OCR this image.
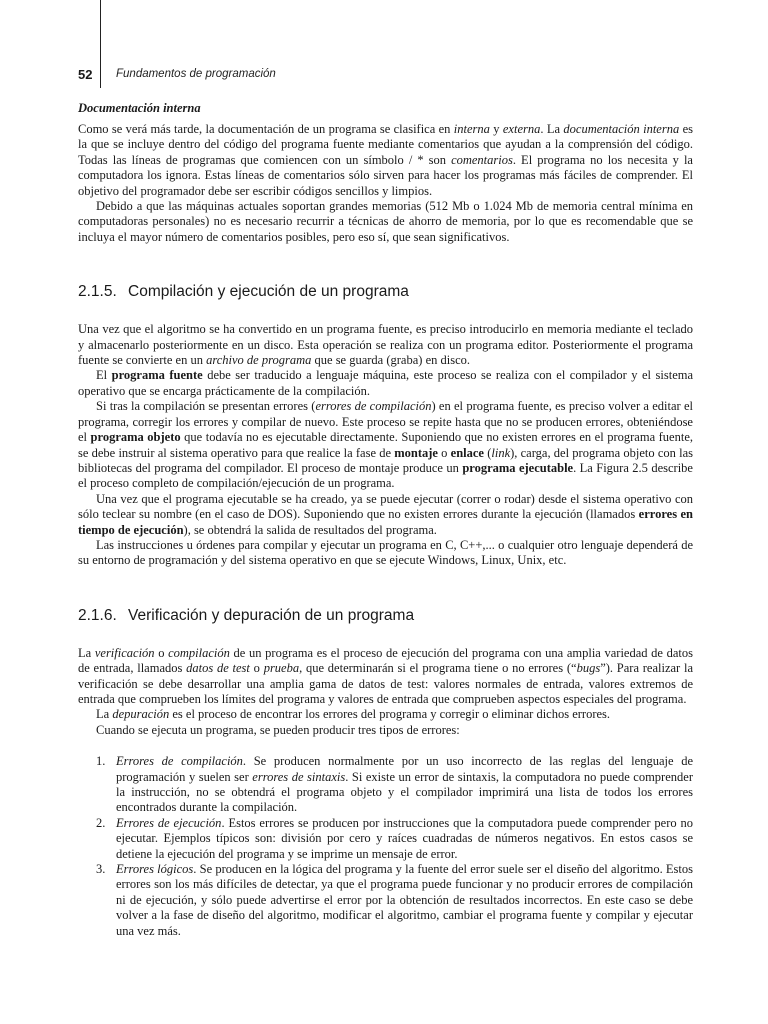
52 Fundamentos de programación
Documentación interna

Como se verá más tarde, la documentación de un programa se clasifica en interna y externa. La documentación interna es la que se incluye dentro del código del programa fuente mediante comentarios que ayudan a la comprensión del código. Todas las líneas de programas que comiencen con un símbolo / * son comentarios. El programa no los necesita y la computadora los ignora. Estas líneas de comentarios sólo sirven para hacer los programas más fáciles de comprender. El objetivo del programador debe ser escribir códigos sencillos y limpios.

Debido a que las máquinas actuales soportan grandes memorias (512 Mb o 1.024 Mb de memoria central mínima en computadoras personales) no es necesario recurrir a técnicas de ahorro de memoria, por lo que es recomendable que se incluya el mayor número de comentarios posibles, pero eso sí, que sean significativos.

2.1.5. Compilación y ejecución de un programa

Una vez que el algoritmo se ha convertido en un programa fuente, es preciso introducirlo en memoria mediante el teclado y almacenarlo posteriormente en un disco. Esta operación se realiza con un programa editor. Posteriormente el programa fuente se convierte en un archivo de programa que se guarda (graba) en disco.

El programa fuente debe ser traducido a lenguaje máquina, este proceso se realiza con el compilador y el sistema operativo que se encarga prácticamente de la compilación.

Si tras la compilación se presentan errores (errores de compilación) en el programa fuente, es preciso volver a editar el programa, corregir los errores y compilar de nuevo. Este proceso se repite hasta que no se producen errores, obteniéndose el programa objeto que todavía no es ejecutable directamente. Suponiendo que no existen errores en el programa fuente, se debe instruir al sistema operativo para que realice la fase de montaje o enlace (link), carga, del programa objeto con las bibliotecas del programa del compilador. El proceso de montaje produce un programa ejecutable. La Figura 2.5 describe el proceso completo de compilación/ejecución de un programa.

Una vez que el programa ejecutable se ha creado, ya se puede ejecutar (correr o rodar) desde el sistema operativo con sólo teclear su nombre (en el caso de DOS). Suponiendo que no existen errores durante la ejecución (llamados errores en tiempo de ejecución), se obtendrá la salida de resultados del programa.

Las instrucciones u órdenes para compilar y ejecutar un programa en C, C++,... o cualquier otro lenguaje dependerá de su entorno de programación y del sistema operativo en que se ejecute Windows, Linux, Unix, etc.

2.1.6. Verificación y depuración de un programa

La verificación o compilación de un programa es el proceso de ejecución del programa con una amplia variedad de datos de entrada, llamados datos de test o prueba, que determinarán si el programa tiene o no errores (“bugs”). Para realizar la verificación se debe desarrollar una amplia gama de datos de test: valores normales de entrada, valores extremos de entrada que comprueben los límites del programa y valores de entrada que comprueben aspectos especiales del programa.

La depuración es el proceso de encontrar los errores del programa y corregir o eliminar dichos errores.

Cuando se ejecuta un programa, se pueden producir tres tipos de errores:

1. Errores de compilación. Se producen normalmente por un uso incorrecto de las reglas del lenguaje de programación y suelen ser errores de sintaxis. Si existe un error de sintaxis, la computadora no puede comprender la instrucción, no se obtendrá el programa objeto y el compilador imprimirá una lista de todos los errores encontrados durante la compilación.
2. Errores de ejecución. Estos errores se producen por instrucciones que la computadora puede comprender pero no ejecutar. Ejemplos típicos son: división por cero y raíces cuadradas de números negativos. En estos casos se detiene la ejecución del programa y se imprime un mensaje de error.
3. Errores lógicos. Se producen en la lógica del programa y la fuente del error suele ser el diseño del algoritmo. Estos errores son los más difíciles de detectar, ya que el programa puede funcionar y no producir errores de compilación ni de ejecución, y sólo puede advertirse el error por la obtención de resultados incorrectos. En este caso se debe volver a la fase de diseño del algoritmo, modificar el algoritmo, cambiar el programa fuente y compilar y ejecutar una vez más.
